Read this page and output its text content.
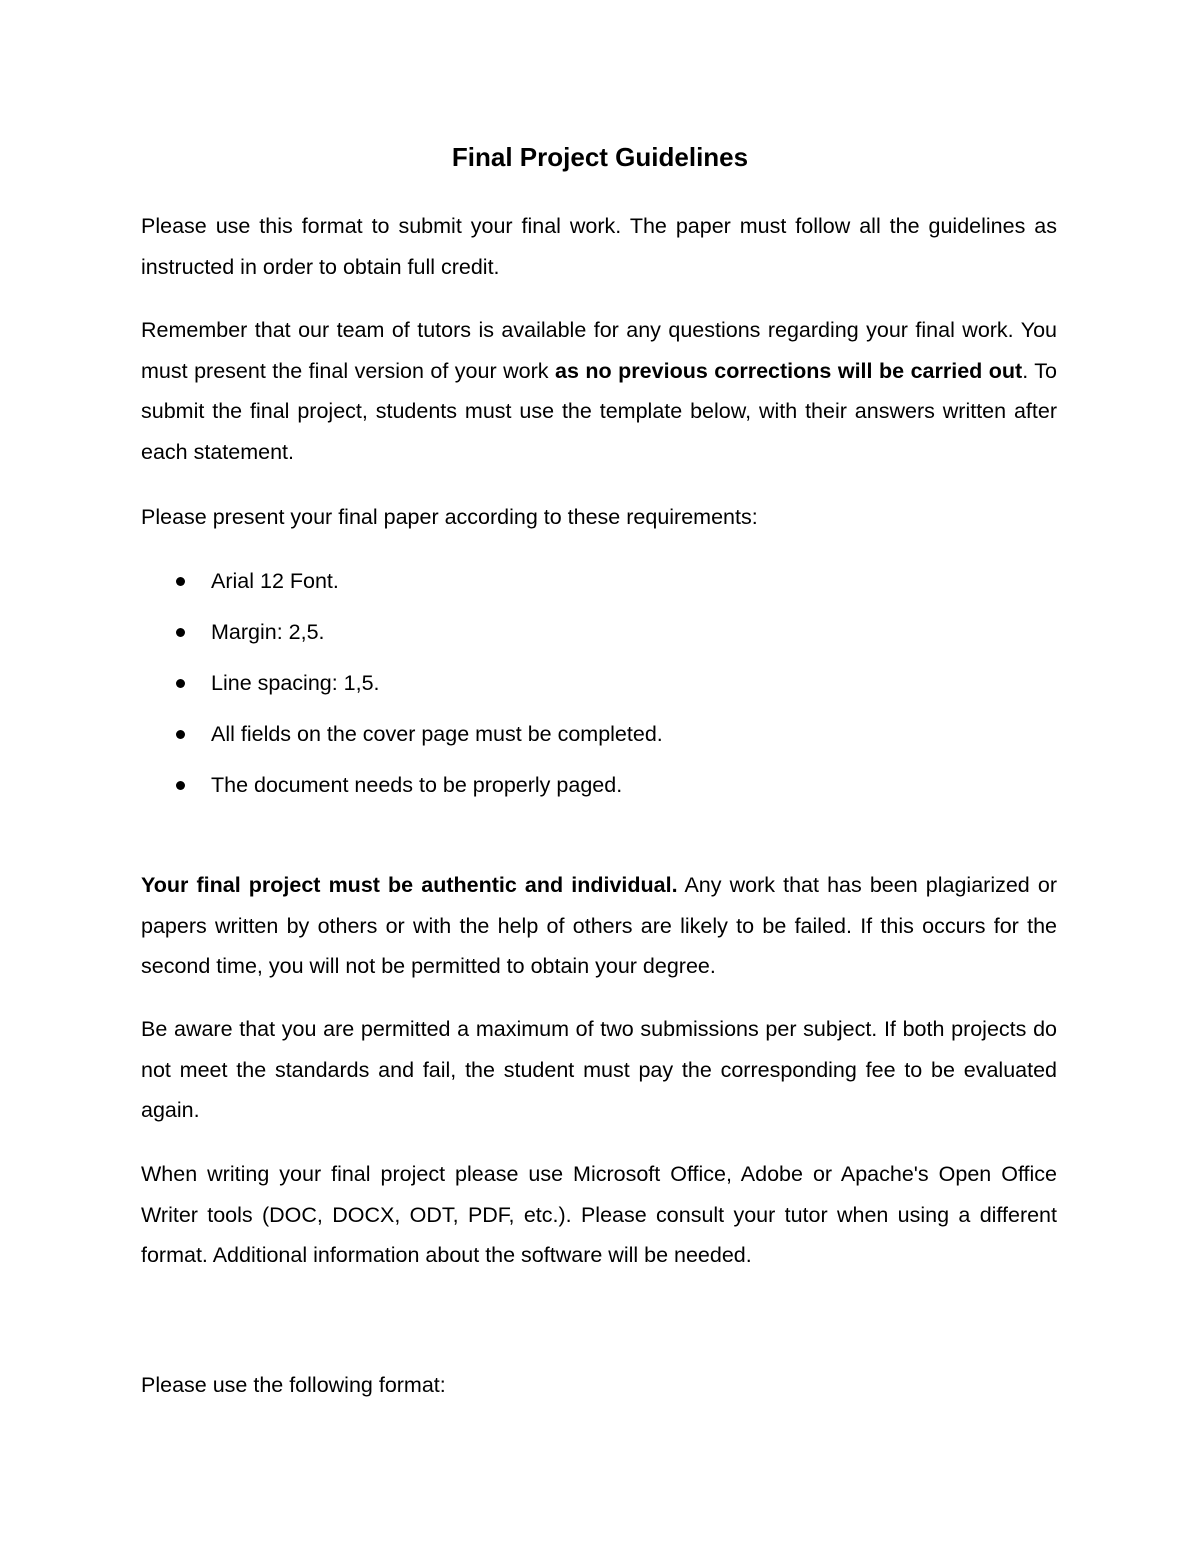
Final Project Guidelines

Please use this format to submit your final work. The paper must follow all the guidelines as instructed in order to obtain full credit.

Remember that our team of tutors is available for any questions regarding your final work. You must present the final version of your work as no previous corrections will be carried out. To submit the final project, students must use the template below, with their answers written after each statement.

Please present your final paper according to these requirements:

Arial 12 Font.
Margin: 2,5.
Line spacing: 1,5.
All fields on the cover page must be completed.
The document needs to be properly paged.

Your final project must be authentic and individual. Any work that has been plagiarized or papers written by others or with the help of others are likely to be failed. If this occurs for the second time, you will not be permitted to obtain your degree.

Be aware that you are permitted a maximum of two submissions per subject. If both projects do not meet the standards and fail, the student must pay the corresponding fee to be evaluated again.

When writing your final project please use Microsoft Office, Adobe or Apache's Open Office Writer tools (DOC, DOCX, ODT, PDF, etc.). Please consult your tutor when using a different format. Additional information about the software will be needed.

Please use the following format:
